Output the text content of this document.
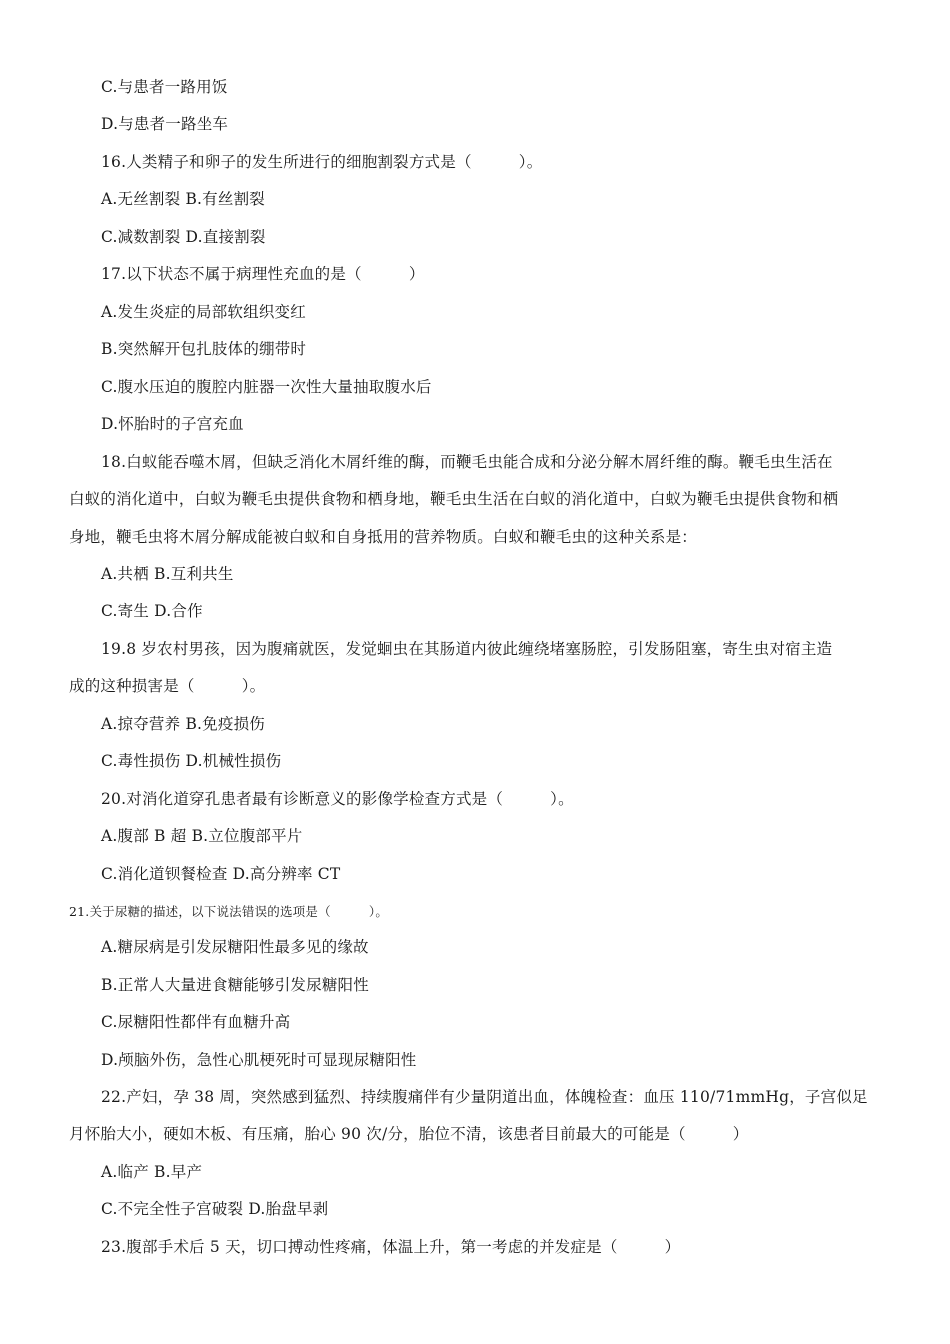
C.与患者一路用饭
D.与患者一路坐车
16.人类精子和卵子的发生所进行的细胞割裂方式是（　　　）。
A.无丝割裂 B.有丝割裂
C.减数割裂 D.直接割裂
17.以下状态不属于病理性充血的是（　　　）
A.发生炎症的局部软组织变红
B.突然解开包扎肢体的绷带时
C.腹水压迫的腹腔内脏器一次性大量抽取腹水后
D.怀胎时的子宫充血
18.白蚁能吞噬木屑，但缺乏消化木屑纤维的酶，而鞭毛虫能合成和分泌分解木屑纤维的酶。鞭毛虫生活在
白蚁的消化道中，白蚁为鞭毛虫提供食物和栖身地，鞭毛虫生活在白蚁的消化道中，白蚁为鞭毛虫提供食物和栖
身地，鞭毛虫将木屑分解成能被白蚁和自身抵用的营养物质。白蚁和鞭毛虫的这种关系是：
A.共栖 B.互利共生
C.寄生 D.合作
19.8 岁农村男孩，因为腹痛就医，发觉蛔虫在其肠道内彼此缠绕堵塞肠腔，引发肠阻塞，寄生虫对宿主造
成的这种损害是（　　　）。
A.掠夺营养 B.免疫损伤
C.毒性损伤 D.机械性损伤
20.对消化道穿孔患者最有诊断意义的影像学检查方式是（　　　）。
A.腹部 B 超 B.立位腹部平片
C.消化道钡餐检查 D.高分辨率 CT
21.关于尿糖的描述，以下说法错误的选项是（　　　）。
A.糖尿病是引发尿糖阳性最多见的缘故
B.正常人大量进食糖能够引发尿糖阳性
C.尿糖阳性都伴有血糖升高
D.颅脑外伤，急性心肌梗死时可显现尿糖阳性
22.产妇，孕 38 周，突然感到猛烈、持续腹痛伴有少量阴道出血，体魄检查：血压 110/71mmHg，子宫似足
月怀胎大小，硬如木板、有压痛，胎心 90 次/分，胎位不清，该患者目前最大的可能是（　　　）
A.临产 B.早产
C.不完全性子宫破裂 D.胎盘早剥
23.腹部手术后 5 天，切口搏动性疼痛，体温上升，第一考虑的并发症是（　　　）
